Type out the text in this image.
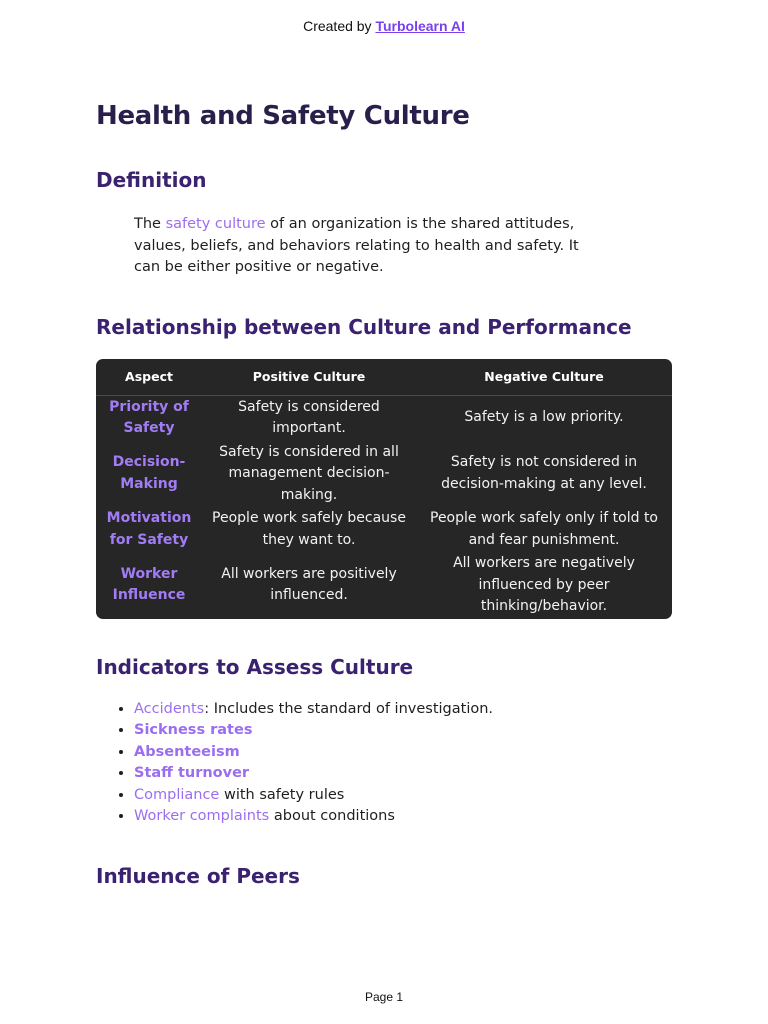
Created by Turbolearn AI
Health and Safety Culture
Definition

The safety culture of an organization is the shared attitudes, values, beliefs, and behaviors relating to health and safety. It can be either positive or negative.

Relationship between Culture and Performance
Aspect	Positive Culture	Negative Culture
Priority of Safety	Safety is considered important.	Safety is a low priority.
Decision-Making	Safety is considered in all management decision-making.	Safety is not considered in decision-making at any level.
Motivation for Safety	People work safely because they want to.	People work safely only if told to and fear punishment.
Worker Influence	All workers are positively influenced.	All workers are negatively influenced by peer thinking/behavior.
Indicators to Assess Culture
• Accidents: Includes the standard of investigation.
• Sickness rates
• Absenteeism
• Staff turnover
• Compliance with safety rules
• Worker complaints about conditions
Influence of Peers
Page 1
